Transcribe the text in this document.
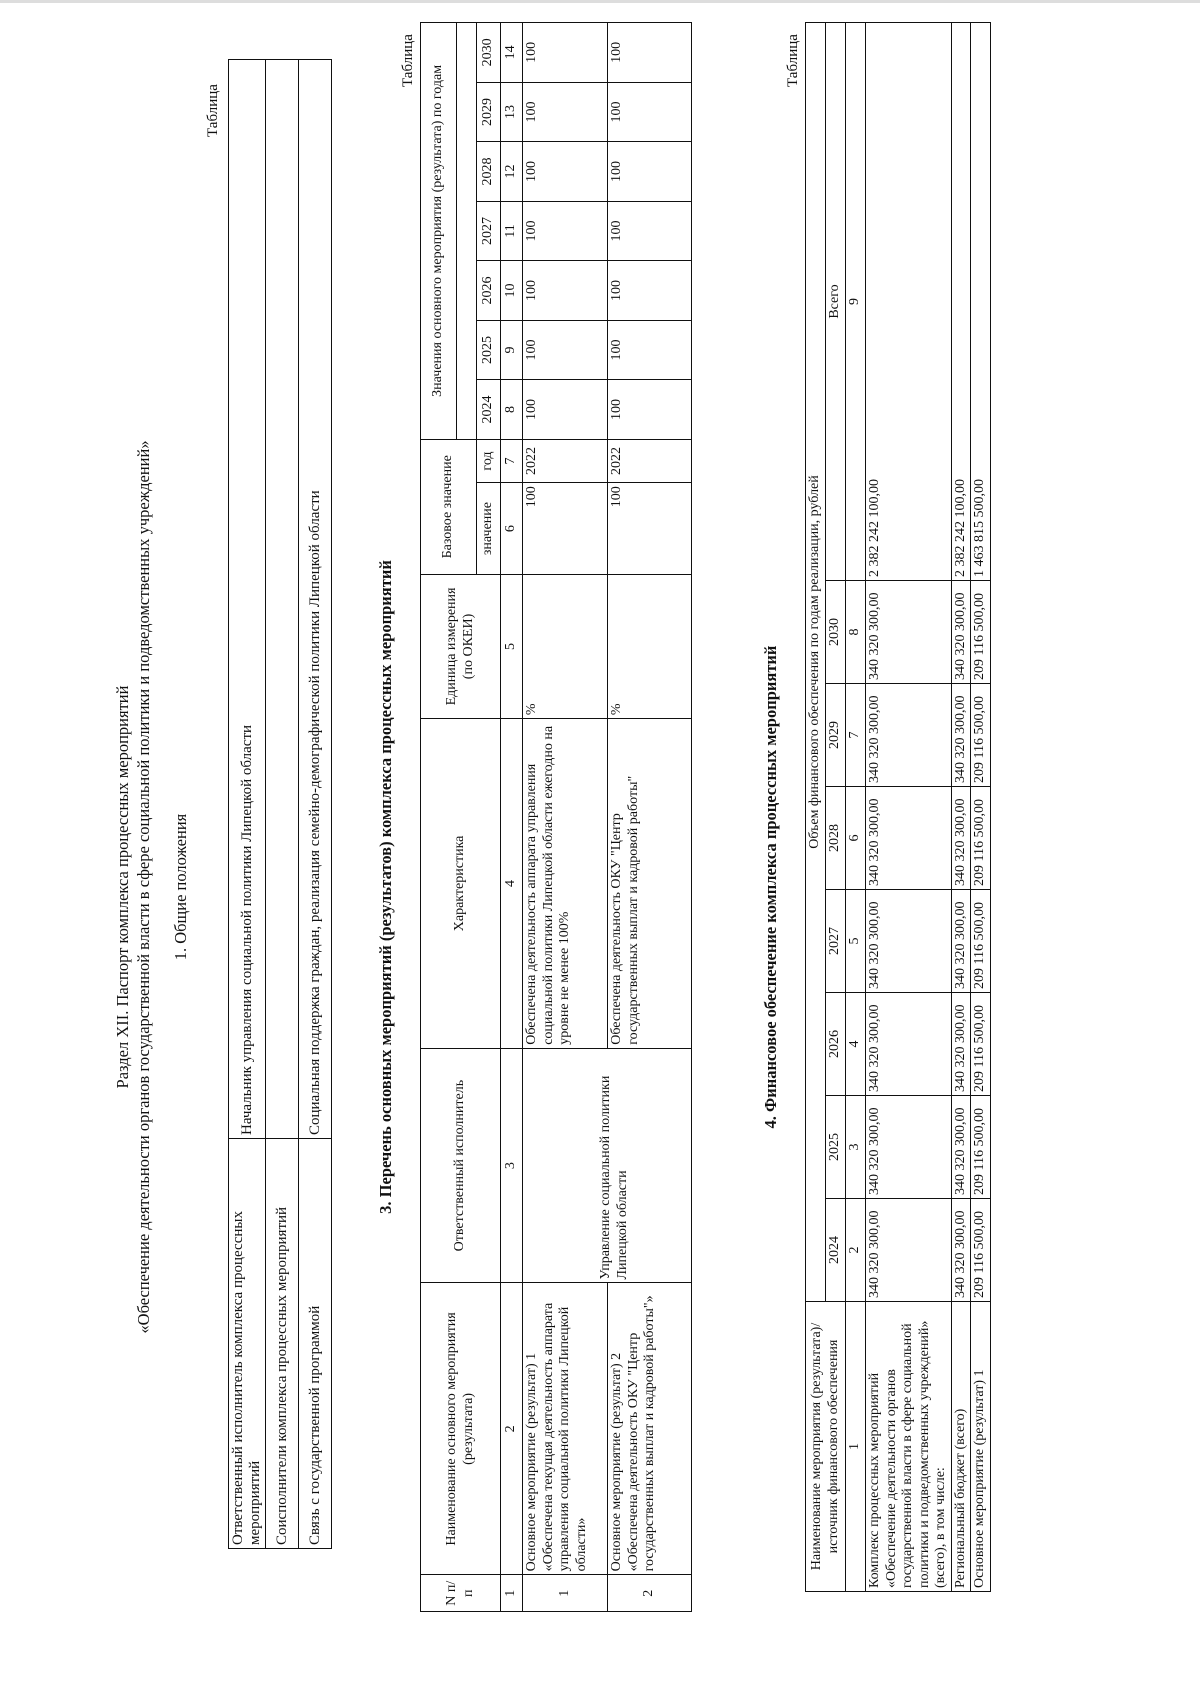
Раздел XII. Паспорт комплекса процессных мероприятий «Обеспечение деятельности органов государственной власти в сфере социальной политики и подведомственных учреждений» 1. Общие положения
Таблица
Ответственный исполнитель комплекса процессных мероприятий	Начальник управления социальной политики Липецкой области
Соисполнители комплекса процессных мероприятий	
Связь с государственной программой	Социальная поддержка граждан, реализация семейно-демографической политики Липецкой области	3. Перечень основных мероприятий (результатов) комплекса процессных мероприятий
Таблица
N п/п	Наименование основного мероприятия (результата)	Ответственный исполнитель	Характеристика	Единица измерения (по ОКЕИ)	Базовое значение		Значения основного мероприятия (результата) по годам						

					значение	год	2024	2025	2026	2027	2028	2029	2030
1	2	3	4	5	6	7	8	9	10	11	12	13	14
1	Основное мероприятие (результат) 1 «Обеспечена текущая деятельность аппарата управления социальной политики Липецкой области»	Управление социальной политики Липецкой области	Обеспечена деятельность аппарата управления социальной политики Липецкой области ежегодно на уровне не менее 100%	%	100	2022	100	100	100	100	100	100	100
2	Основное мероприятие (результат) 2 «Обеспечена деятельность ОКУ "Центр государственных выплат и кадровой работы"»		Обеспечена деятельность ОКУ "Центр государственных выплат и кадровой работы"	%	100	2022	100	100	100	100	100	100	100
4. Финансовое обеспечение комплекса процессных мероприятий
Таблица
Наименование мероприятия (результата)/источник финансового обеспечения	Объем финансового обеспечения по годам реализации, рублей							
	2024	2025	2026	2027	2028	2029	2030	Всего
1	2	3	4	5	6	7	8	9
Комплекс процессных мероприятий «Обеспечение деятельности органов государственной власти в сфере социальной политики и подведомственных учреждений» (всего), в том числе:	340 320 300,00	340 320 300,00	340 320 300,00	340 320 300,00	340 320 300,00	340 320 300,00	340 320 300,00	2 382 242 100,00
Региональный бюджет (всего)	340 320 300,00	340 320 300,00	340 320 300,00	340 320 300,00	340 320 300,00	340 320 300,00	340 320 300,00	2 382 242 100,00
Основное мероприятие (результат) 1	209 116 500,00	209 116 500,00	209 116 500,00	209 116 500,00	209 116 500,00	209 116 500,00	209 116 500,00	1 463 815 500,00
